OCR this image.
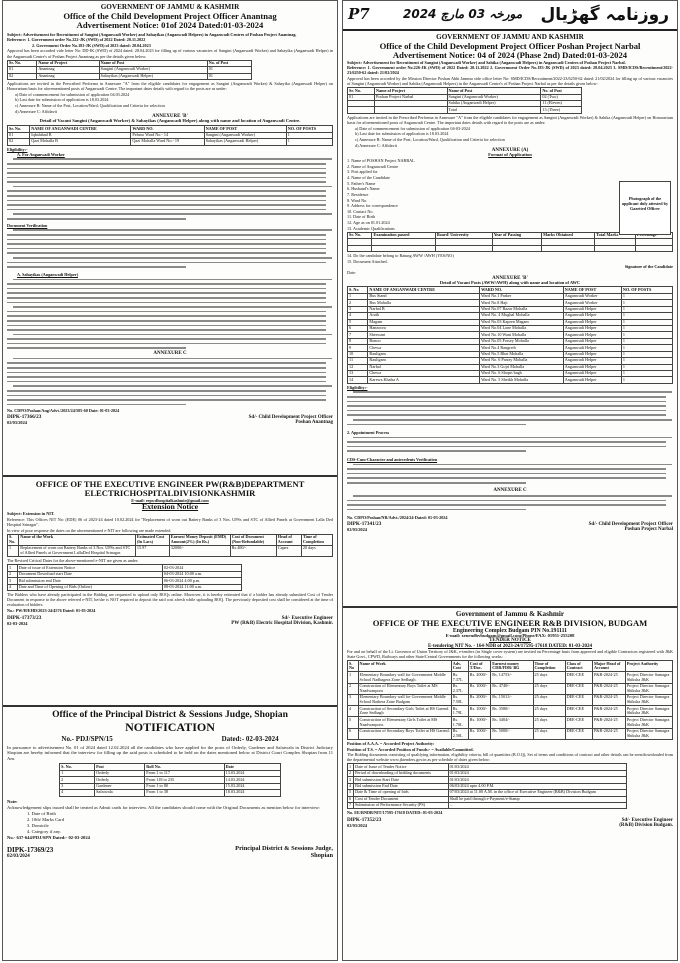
GOVERNMENT OF JAMMU & KASHMIR
Office of the Child Development Project Officer Anantnag
Advertisement Notice: 01of 2024 Dated:01-03-2024

Subject: Advertisement for Recruitment of Sangini (Anganwadi Worker) and Sahayikas (Anganwadi Helpers) in Anganwadi Centres of Poshan Project Anantnag.

Reference: 1. Government order No.222-JK (SWD) of 2022 Dated: 20.11.2022

2. Government Order No.183-JK (SWD) of 2023 dated: 28.04.2023

Approval has been accorded vide letter No: DD-IK (SWD) of 2024 dated: 28.04.2023 for filling up of various vacancies of Sangini (Anganwadi Worker) and Sahayika (Anganwadi Helper) in the Anganwadi Centre's of Poshan Project Anantnag as per the details given below:

Sr. No.	Name of Project	Name of Post	No. of Post
01	Anantnag	Sangini (Anganwadi Worker)	01
02	Anantnag	Sahayikas (Anganwadi Helper)	01

Applications are invited in the Prescribed Performa in Annexure "A" from the eligible candidates for engagement as Sangini (Anganwadi Worker) & Sahayika (Anganwadi Helper) on Honorarium basis for aforementioned posts of Anganwadi Centre. The important dates details with regard to the posts are as under:

a) Date of commencement for submission of application 04.03.2024

b) Last date for submission of application is 18.03.2024

c) Annexure B: Name of the Post, Location/Ward, Qualification and Criteria for selection

d) Annexure C: Affidavit

ANNEXURE 'B'
Detail of Vacant Sangini (Anganwadi Worker) & Sahayikas (Anganwadi Helper) along with name and location of Anganwadi Centre.
Sr. No.	NAME OF ANGANWADI CENTRE	WARD NO.	NAME OF POST	NO. OF POSTS
01	Iqbalabad B	Pehroo Ward No.- 14	Sangini (Anganwadi Worker)	1
02	Qazi Mohalla B	Qazi Mohalla Ward No.- 19	Sahayikas (Anganwadi Helper)	1
Eligibility:-
A. For Anganwadi Worker
Document Verification
A. Sahayikas (Anganwadi Helper)
ANNEXURE C
No. CDPO/Poshan/Ang/Advt./2023/24/505-60 Date: 01-03-2024
DIPK-17366/23
02/03/2024
Sd/- Child Development Project Officer
Poshan Anantnag
OFFICE OF THE EXECUTIVE ENGINEER PW(R&B)DEPARTMENT ELECTRICHOSPITALDIVISIONKASHMIR
E-mail: eepwdhospitalkashmir@gmail.com
Extension Notice

Subject: Extension in NIT.

Reference: This Offices NIT No: (EDE) 06 of 2023-24 dated 10.02.2024 for "Replacement of worn out Battery Banks of 3 Nos. UPSs and STC of Allied Panels at Government Lalla Ded Hospital Srinagar".

In view of poor response the dates on the aforementioned e-NIT are following are made extended.

S. No.	Name of the Work	Estimated Cost (In Lacs)	Earnest Money Deposit (EMD) Amount(2%) (In Rs.)	Cost of Document (Non-Refundable)	Head of Account	Time of Completion
1	Replacement of worn out Battery Banks of 3 Nos. UPSs and STC of Allied Panels at Government LallaDed Hospital Srinagar.	15.97	32000/-	Rs.400/-	Capex	20 days
The Revised Critical Dates for the above-mentioned e-NIT are given as under:
1	Date of issue of Extension Notice	02-03-2024
2	Document Download start Date	04-03-2024 10:00 a.m.
3	Bid submission end Date	06-03-2024 4:00 p.m.
4	Date and Time of Opening of Bids (Online)	08-03-2024 11:00 a.m.
The Bidders who have already participated in the Bidding are requested to upload only BOQs online. Moreover, it is hereby reiterated that if a bidder has already submitted Cost of Tender Document in response to the above referred e-NIT, he/she is NOT required to deposit the said cost afresh while uploading BOQ. The previously deposited cost shall be considered at the time of evaluation of bidders.
No.: PW/H/EHD/2023-24/4576 Dated: 01-03-2024
DIPK-17373/23
02-03-2024
Sd/- Executive Engineer
PW (R&B) Electric Hospital Division, Kashmir.
Office of the Principal District & Sessions Judge, Shopian
NOTIFICATION
No.- PDJ/SPN/15	Dated:- 02-03-2024
In pursuance to advertisement No. 01 of 2024 dated 12.02.2024 all the candidates who have applied for the posts of Orderly, Gardener and Safaiwala in District Judiciary Shopian are hereby informed that the interview for filling up the said posts is scheduled to be held on the dates mentioned below at District Court Complex Shopian from 11 Am.
S. No.	Post	Roll No.	Date
1	Orderly	From 1 to 117	13.03.2024
2	Orderly	From 118 to 235	14.03.2024
3	Gardener	From 1 to 80	15.03.2024
4	Safaiwala	From 1 to 38	18.03.2024

Note:

Acknowledgement slips issued shall be treated as Admit cards for interview. All the candidates should come with the Original Documents as mention below for interview:

1. Date of Birth

2. 10th/ Marks Card

3. Domicile

4. Category if any.

No.- 637-644/PDJ/SPN Dated:- 02-03-2024

DIPK-17369/23
02/03/2024
Principal District & Sessions Judge,
Shopian
P7	مورخہ 03 مارچ 2024 روزنامہ گھڑیال
GOVERNMENT OF JAMMU AND KASHMIR
Office of the Child Development Project Officer Poshan Project Narbal
Advertisement Notice: 04 of 2024 (Phase 2nd) Dated:01-03-2024

Subject: Advertisement for Recruitment of Sangini (Anganwadi Worker) and Sahika (Anganwadi Helpers) in Anganwadi Centres of Poshan Project Narbal.

Reference: 1. Government order No.226-JK (SWD) of 2022 Dated: 20.11.2022 2. Government Order No.183-JK (SWD) of 2023 dated: 28.04.2023 3. SMD/ICDS/Recruitment/2022-23/6250-62 dated: 21/02/2024

Approval has been accorded by the Mission Director Poshan Abhi Jammu vide office letter No: SMD/ICDS/Recruitment/2022-23/6250-62 dated: 21/02/2024 for filling up of various vacancies of Sangini (Anganwadi Worker) and Sahika (Anganwadi Helpers) in the Anganwadi Centre's of Poshan Project Narbal as per the details given below:

Sr. No.	Name of Project	Name of Post	No. of Post
01	Poshan Project Narbal	Sangini (Anganwadi Worker)	02 (Two)
		Sahika (Anganwadi Helper)	11 (Eleven)
		Total	13 (Three)

Applications are invited in the Prescribed Performa in Annexure "A" from the eligible candidates for engagement as Sangini (Anganwadi Worker) & Sahika (Anganwadi Helper) on Honorarium basis for aforementioned posts of Anganwadi Centre. The important dates details with regard to the posts are as under:

a) Date of commencement for submission of application 04-03-2024

b) Last date for submission of application is 18.03.2024

c) Annexure B: Name of the Post, Location/Ward, Qualification and Criteria for selection

d) Annexure C: Affidavit

ANNEXURE (A)
Format of Application

1. Name of POSHAN Project NARBAL

2. Name of Anganwadi Centre

3. Post applied for

4. Name of the Candidate

5. Father's Name

6. Husband's Name

7. Residence

8. Ward No.

9. Address for correspondence

10. Contact No.

11. Date of Birth

12. Age as on 01.01.2024

13. Academic Qualifications

Photograph of the applicant duly attested by Gazetted Officer
Sr. No.	Examination passed	Board/ University	Year of Passing	Marks Obtained	Total Marks	

14. Do the candidate belong to Ratung AWW /AWH (YES/NO)

15. Document Attached.

Signature of the Candidate

Date:

ANNEXURE 'B'
Detail of Vacant Posts (AWW/AWH) along with name and location of AWC
S. No	NAME OF ANGANWADI CENTRE	WARD NO.	NAME OF POST	NO. OF POSTS
1	Bus Stand	Ward No.1 Parker	Anganwadi Worker	1
2	Bus Mohalla	Ward No.8 Haji	Anganwadi Worker	1
3	Narbal B	Ward No.07 Bazar Mohalla	Anganwadi Helper	1
4	Arath	Ward No. 4 Mughal Mohalla	Anganwadi Helper	1
5	Magam	Ward No.03 Kapren Magam	Anganwadi Helper	1
6	Hanzoora	Ward No.04 Lone Mohalla	Anganwadi Helper	1
7	Sherwani	Ward No.10 Wani Mohalla	Anganwadi Helper	1
8	Bonoo	Ward No.05 Forsey Mohalla	Anganwadi Helper	1
9	Chewa	Ward No.4 Rangreth	Anganwadi Helper	1
10	Rauligam	Ward No.5 Bhat Mohalla	Anganwadi Helper	1
11	Rauligam	Ward No. 6 Parray Mohalla	Anganwadi Helper	1
12	Narbal	Ward No.3 Gojri Mohalla	Anganwadi Helper	1
13	Chewa	Ward No. 6 Shopri bagh	Anganwadi Helper	1
14	Karewa Khalsa A	Ward No. 5 Sheikh Mohalla	Anganwadi Helper	1
Eligibility:-
2. Appointment Process
CDS-Cum-Character and antecedents Verification
ANNEXURE C
No. CDPO/Poshan/NR/Advt./2024/24-Dated: 01-03-2024
DIPK-17341/23
02/03/2024
Sd/- Child Development Project Officer
Poshan Project Narbal
Government of Jammu & Kashmir
OFFICE OF THE EXECUTIVE ENGINEER R&B DIVISION, BUDGAM
Engineering Complex Budgam PIN No.191111
E-mail: xenrndbvbudgam@gmail.com/Phone/FAX: 01951-255208
TENDER NOTICE
E-tendering NIT No. - 164-NDB of 2023-24/17595-17618 DATED: 01-03-2024
For and on behalf of the Lt. Governor of Union Territory of J&K, e-tenders (in Single cover system) are invited on Percentage basis from approved and eligible Contractors registered with J&K State Govt., CPWD, Railways and other State/Central Governments for the following works:
S. No	Name of Work	Adv. Cost	Cost of T/Doc.	Earnest money CDR/FDR/ BG	Time of Completion	Class of Contract	Major Head of Account	Project Authority
1	Elementary Boundary wall for Government Middle School Nadbagera Zone Sedbagh.	Rs. 7.37L	Rs. 2000/-	Rs. 14753/-	25 days	DEE-CEE	P&R-2024-25	Project Director Samagra Shiksha J&K
2	Construction of Elementary Boys Toilet at MS Naadwanpora	Rs. 2.37L	Rs. 1000/-	Rs. 4740/-	25 days	DEE-CEE	P&R-2024-25	Project Director Samagra Shiksha J&K
3	Elementary Boundary wall for Government Middle School Bathera Zone Budgam	Rs. 7.50L	Rs. 2000/-	Rs. 15011/-	25 days	DEE-CEE	P&R-2024-25	Project Director Samagra Shiksha J&K
4	Construction of Secondary Girls Toilet at HS Garend Zone Sedbagh	Rs. 1.79L	Rs. 1000/-	Rs. 3580/-	25 days	DEE-CEE	P&R-2024-25	Project Director Samagra Shiksha J&K
5	Construction of Elementary Girls Toilet at MS Naadwanpora.	Rs. 1.70L	Rs. 1000/-	Rs. 3404/-	25 days	DEE-CEE	P&R-2024-25	Project Director Samagra Shiksha J&K
6	Construction of Secondary Boys Toilet at HS Garend.	Rs. 2.50L	Rs. 1000/-	Rs. 5000/-	25 days	DEE-CEE	P&R-2024-25	Project Director Samagra Shiksha J&K

Position of A.A.A. = Accorded Project Authority:

Position of T.S. = Accorded Position of Funds:- = Available/Committed.

The Bidding documents consisting of qualifying information, eligibility criteria, bill of quantities (B.O.Q), Set of terms and conditions of contract and other details can be seen/downloaded from the departmental website www.jktenders.gov.in as per schedule of dates given below:
1	Date of Issue of Tender Notice	01/03/2024
2	Period of downloading of bidding documents	01/03/2024
3	Bid submission Start Date	01/03/2024
4	Bid submission End Date	06/03/2024 upto 4.00 P.M.
5	Date & Time of opening of bids	07/03/2024 at 11.00 A.M. in the office of Executive Engineer (R&B) Division Budgam
6	Cost of Tender Document	Shall be paid through e-Payment/e-Stamp
7	Submission of Performance Security (PS)	...
No. EE/RNDB/NIT/17595-17618 DATED: 01-03-2024
DIPK-17352/23
02/03/2024
Sd/- Executive Engineer
(R&B) Division Budgam.
